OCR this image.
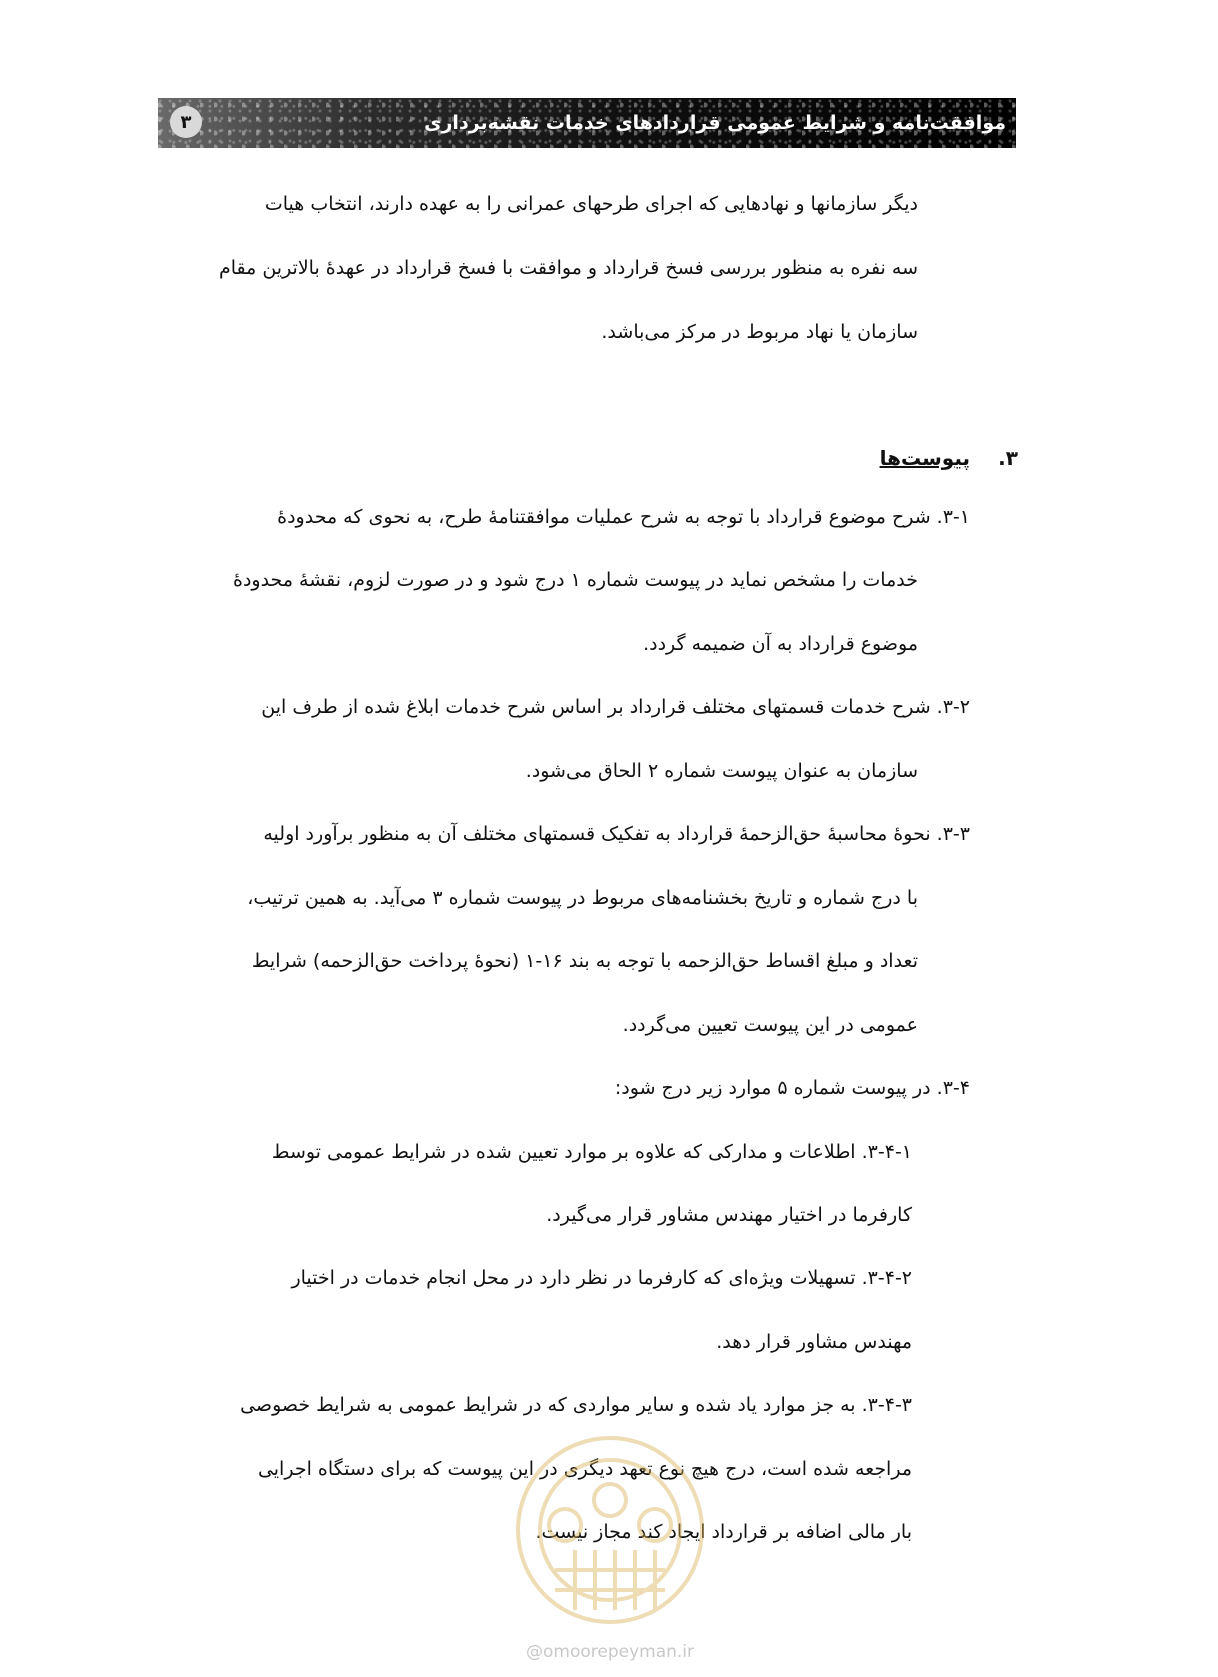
موافقت‌نامه و شرایط عمومی قراردادهای خدمات نقشه‌برداری
۳
دیگر سازمانها و نهادهایی که اجرای طرحهای عمرانی را به عهده دارند، انتخاب هیات
سه نفره به منظور بررسی فسخ قرارداد و موافقت با فسخ قرارداد در عهدهٔ بالاترین مقام
سازمان یا نهاد مربوط در مرکز می‌باشد.
۳.
پیوست‌ها
۳-۱. شرح موضوع قرارداد با توجه به شرح عملیات موافقتنامهٔ طرح، به نحوی که محدودهٔ
خدمات را مشخص نماید در پیوست شماره ۱ درج شود و در صورت لزوم، نقشهٔ محدودهٔ
موضوع قرارداد به آن ضمیمه گردد.
۳-۲. شرح خدمات قسمتهای مختلف قرارداد بر اساس شرح خدمات ابلاغ شده از طرف این
سازمان به عنوان پیوست شماره ۲ الحاق می‌شود.
۳-۳. نحوهٔ محاسبهٔ حق‌الزحمهٔ قرارداد به تفکیک قسمتهای مختلف آن به منظور برآورد اولیه
با درج شماره و تاریخ بخشنامه‌های مربوط در پیوست شماره ۳ می‌آید. به همین ترتیب،
تعداد و مبلغ اقساط حق‌الزحمه با توجه به بند ۱۶-۱ (نحوهٔ پرداخت حق‌الزحمه) شرایط
عمومی در این پیوست تعیین می‌گردد.
۳-۴. در پیوست شماره ۵ موارد زیر درج شود:
۳-۴-۱. اطلاعات و مدارکی که علاوه بر موارد تعیین شده در شرایط عمومی توسط
کارفرما در اختیار مهندس مشاور قرار می‌گیرد.
۳-۴-۲. تسهیلات ویژه‌ای که کارفرما در نظر دارد در محل انجام خدمات در اختیار
مهندس مشاور قرار دهد.
۳-۴-۳. به جز موارد یاد شده و سایر مواردی که در شرایط عمومی به شرایط خصوصی
مراجعه شده است، درج هیچ نوع تعهد دیگری در این پیوست که برای دستگاه اجرایی
بار مالی اضافه بر قرارداد ایجاد کند مجاز نیست.
@omoorepeyman.ir
